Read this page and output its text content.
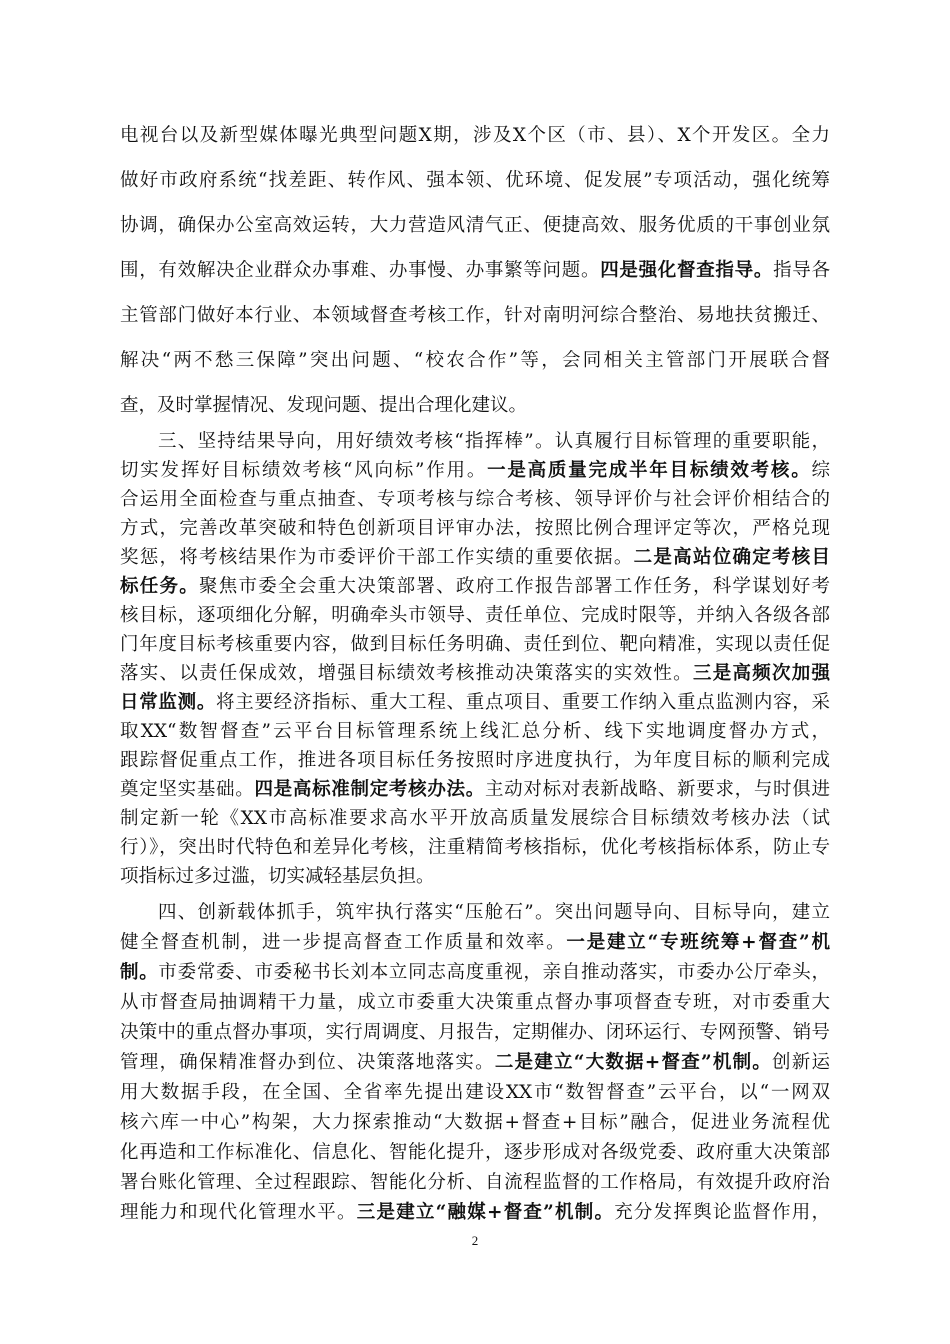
电视台以及新型媒体曝光典型问题X期，涉及X个区（市、县）、X个开发区。全力
做好市政府系统“找差距、转作风、强本领、优环境、促发展”专项活动，强化统筹
协调，确保办公室高效运转，大力营造风清气正、便捷高效、服务优质的干事创业氛
围，有效解决企业群众办事难、办事慢、办事繁等问题。四是强化督查指导。指导各
主管部门做好本行业、本领域督查考核工作，针对南明河综合整治、易地扶贫搬迁、
解决“两不愁三保障”突出问题、“校农合作”等，会同相关主管部门开展联合督
查，及时掌握情况、发现问题、提出合理化建议。
三、坚持结果导向，用好绩效考核“指挥棒”。认真履行目标管理的重要职能，
切实发挥好目标绩效考核“风向标”作用。一是高质量完成半年目标绩效考核。综
合运用全面检查与重点抽查、专项考核与综合考核、领导评价与社会评价相结合的
方式，完善改革突破和特色创新项目评审办法，按照比例合理评定等次，严格兑现
奖惩，将考核结果作为市委评价干部工作实绩的重要依据。二是高站位确定考核目
标任务。聚焦市委全会重大决策部署、政府工作报告部署工作任务，科学谋划好考
核目标，逐项细化分解，明确牵头市领导、责任单位、完成时限等，并纳入各级各部
门年度目标考核重要内容，做到目标任务明确、责任到位、靶向精准，实现以责任促
落实、以责任保成效，增强目标绩效考核推动决策落实的实效性。三是高频次加强
日常监测。将主要经济指标、重大工程、重点项目、重要工作纳入重点监测内容，采
取XX“数智督查”云平台目标管理系统上线汇总分析、线下实地调度督办方式，
跟踪督促重点工作，推进各项目标任务按照时序进度执行，为年度目标的顺利完成
奠定坚实基础。四是高标准制定考核办法。主动对标对表新战略、新要求，与时俱进
制定新一轮《XX市高标准要求高水平开放高质量发展综合目标绩效考核办法（试
行）》，突出时代特色和差异化考核，注重精简考核指标，优化考核指标体系，防止专
项指标过多过滥，切实减轻基层负担。
四、创新载体抓手，筑牢执行落实“压舱石”。突出问题导向、目标导向，建立
健全督查机制，进一步提高督查工作质量和效率。一是建立“专班统筹+督查”机
制。市委常委、市委秘书长刘本立同志高度重视，亲自推动落实，市委办公厅牵头，
从市督查局抽调精干力量，成立市委重大决策重点督办事项督查专班，对市委重大
决策中的重点督办事项，实行周调度、月报告，定期催办、闭环运行、专网预警、销号
管理，确保精准督办到位、决策落地落实。二是建立“大数据+督查”机制。创新运
用大数据手段，在全国、全省率先提出建设XX市“数智督查”云平台，以“一网双
核六库一中心”构架，大力探索推动“大数据+督查+目标”融合，促进业务流程优
化再造和工作标准化、信息化、智能化提升，逐步形成对各级党委、政府重大决策部
署台账化管理、全过程跟踪、智能化分析、自流程监督的工作格局，有效提升政府治
理能力和现代化管理水平。三是建立“融媒+督查”机制。充分发挥舆论监督作用，
2
